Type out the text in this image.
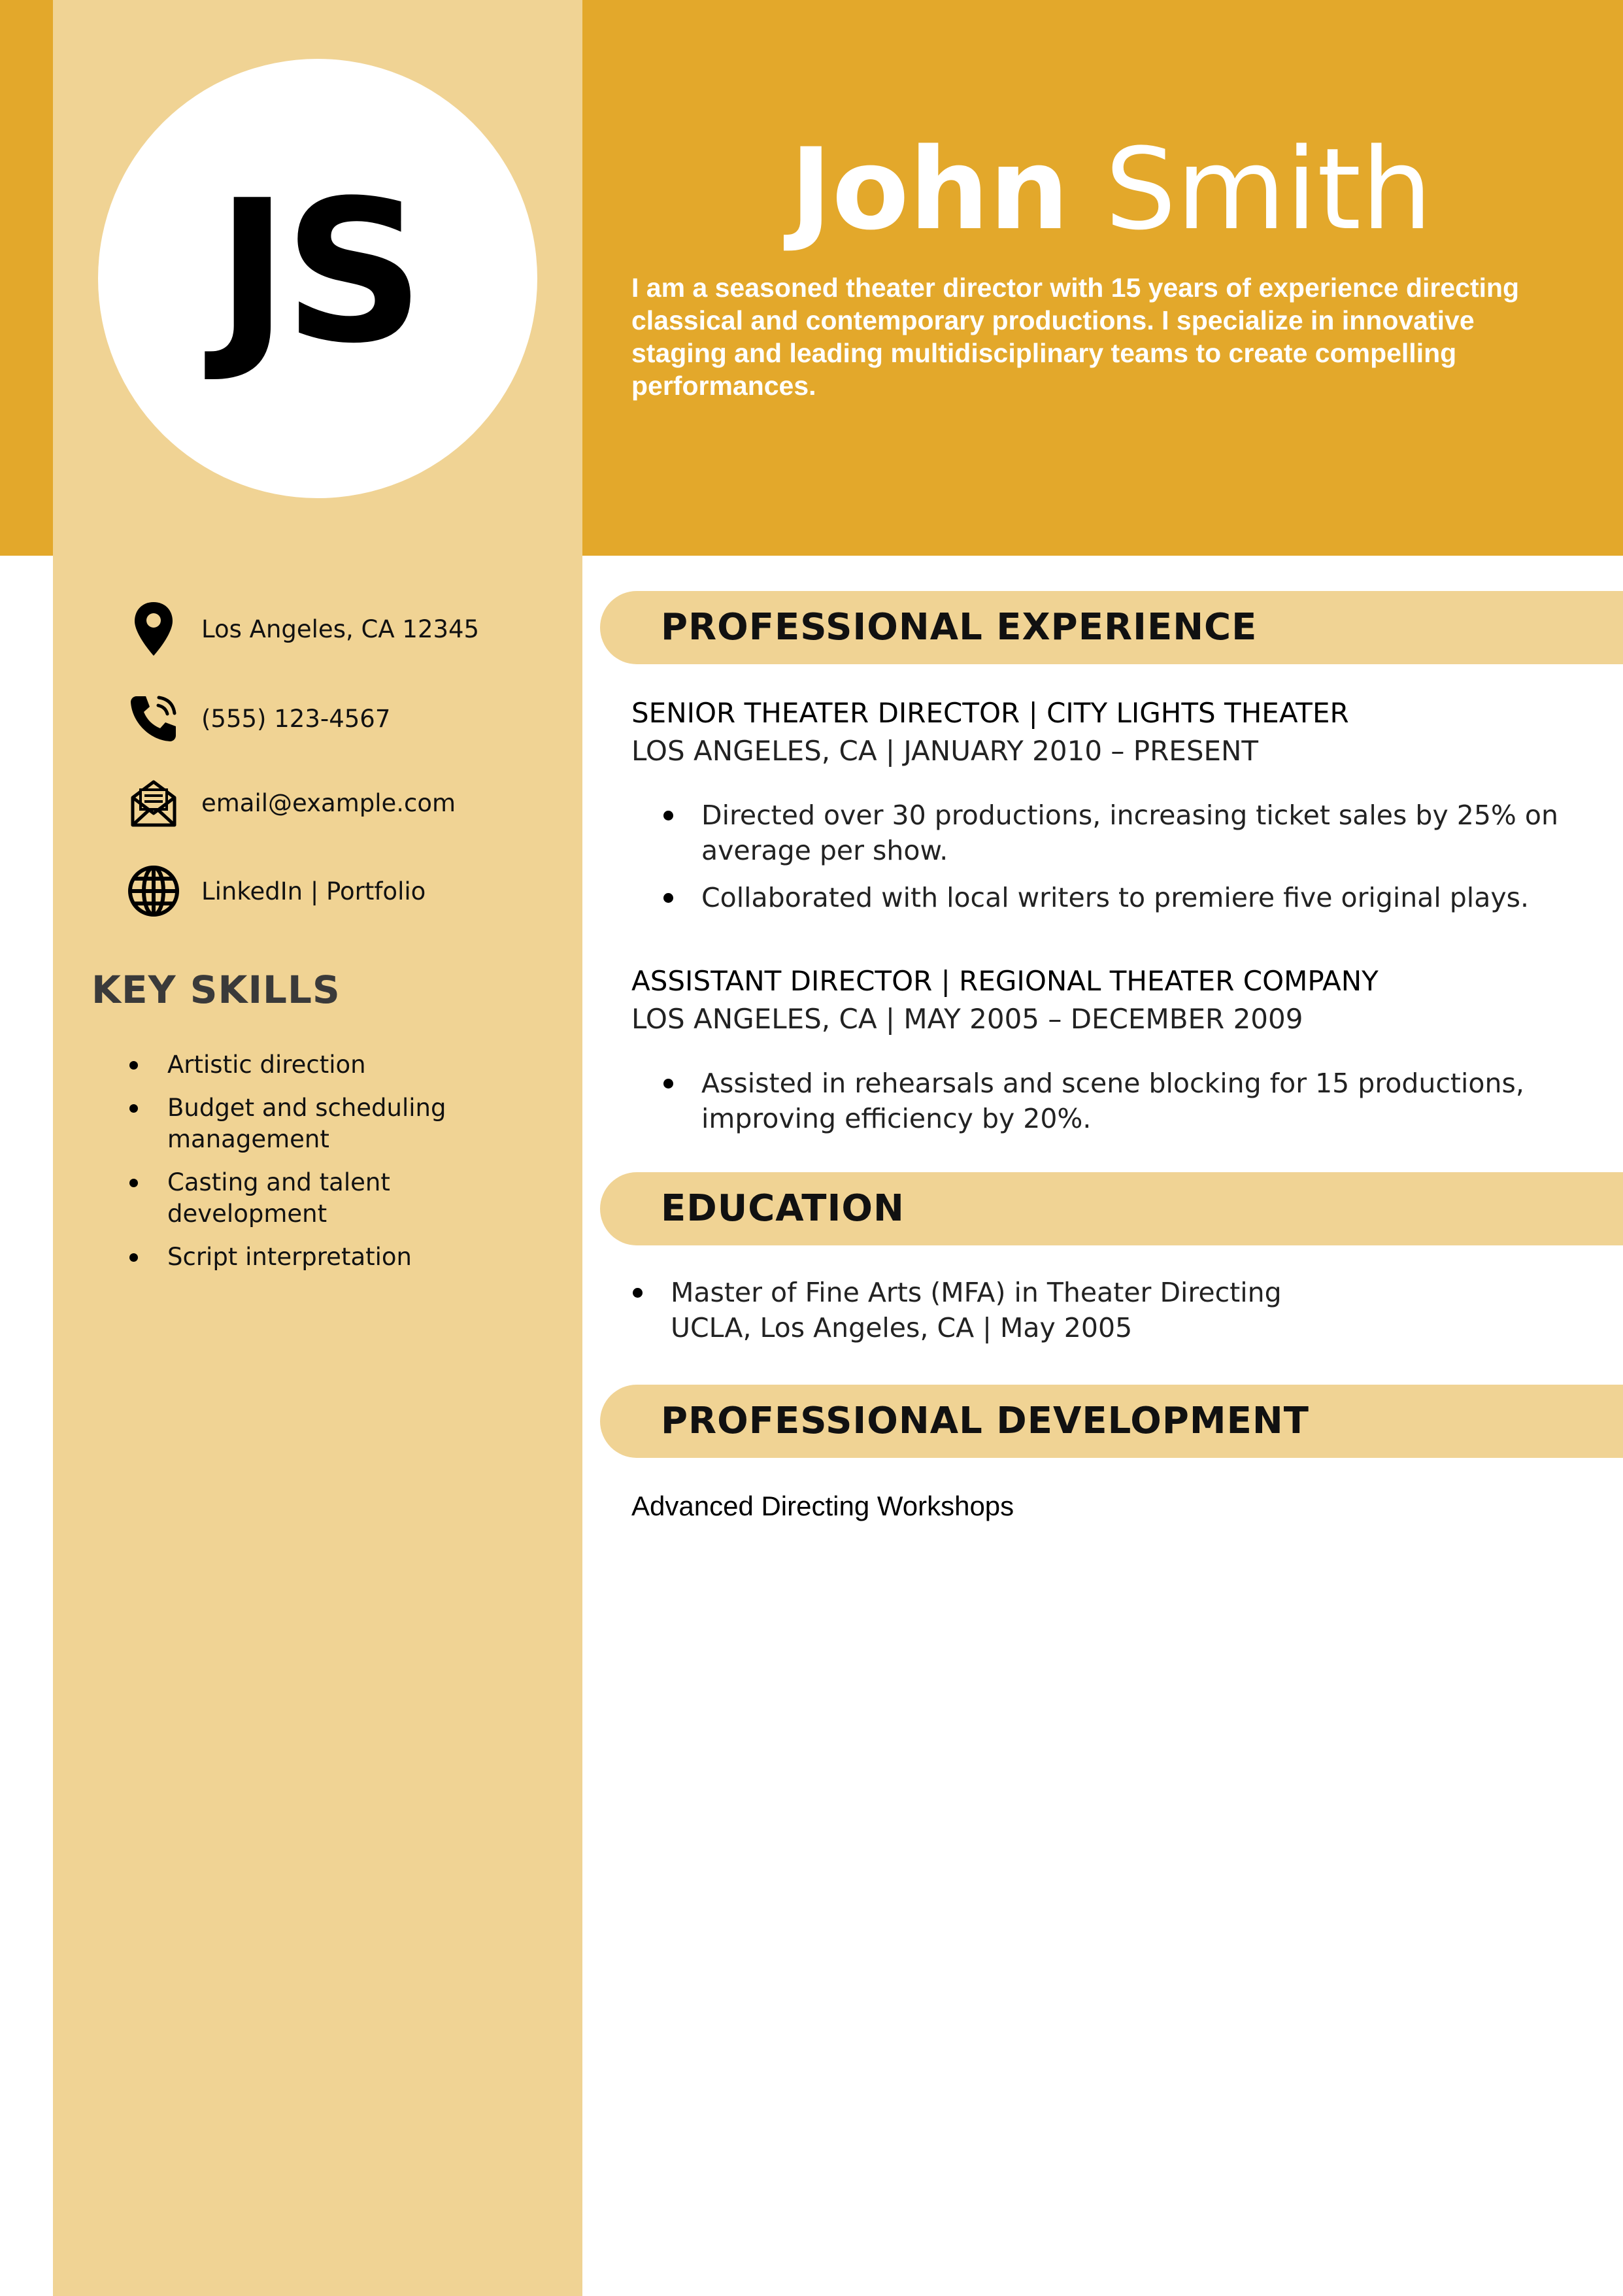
JS	John Smith
I am a seasoned theater director with 15 years of experience directing classical and contemporary productions. I specialize in innovative staging and leading multidisciplinary teams to create compelling performances.
Los Angeles, CA 12345
(555) 123-4567
email@example.com
LinkedIn | Portfolio
KEY SKILLS
Artistic direction
Budget and scheduling management
Casting and talent development
Script interpretation
PROFESSIONAL EXPERIENCE
SENIOR THEATER DIRECTOR | CITY LIGHTS THEATER
LOS ANGELES, CA | JANUARY 2010 – PRESENT
Directed over 30 productions, increasing ticket sales by 25% on average per show.
Collaborated with local writers to premiere five original plays.
ASSISTANT DIRECTOR | REGIONAL THEATER COMPANY
LOS ANGELES, CA | MAY 2005 – DECEMBER 2009
Assisted in rehearsals and scene blocking for 15 productions, improving efficiency by 20%.
EDUCATION
Master of Fine Arts (MFA) in Theater Directing
UCLA, Los Angeles, CA | May 2005
PROFESSIONAL DEVELOPMENT
Advanced Directing Workshops
